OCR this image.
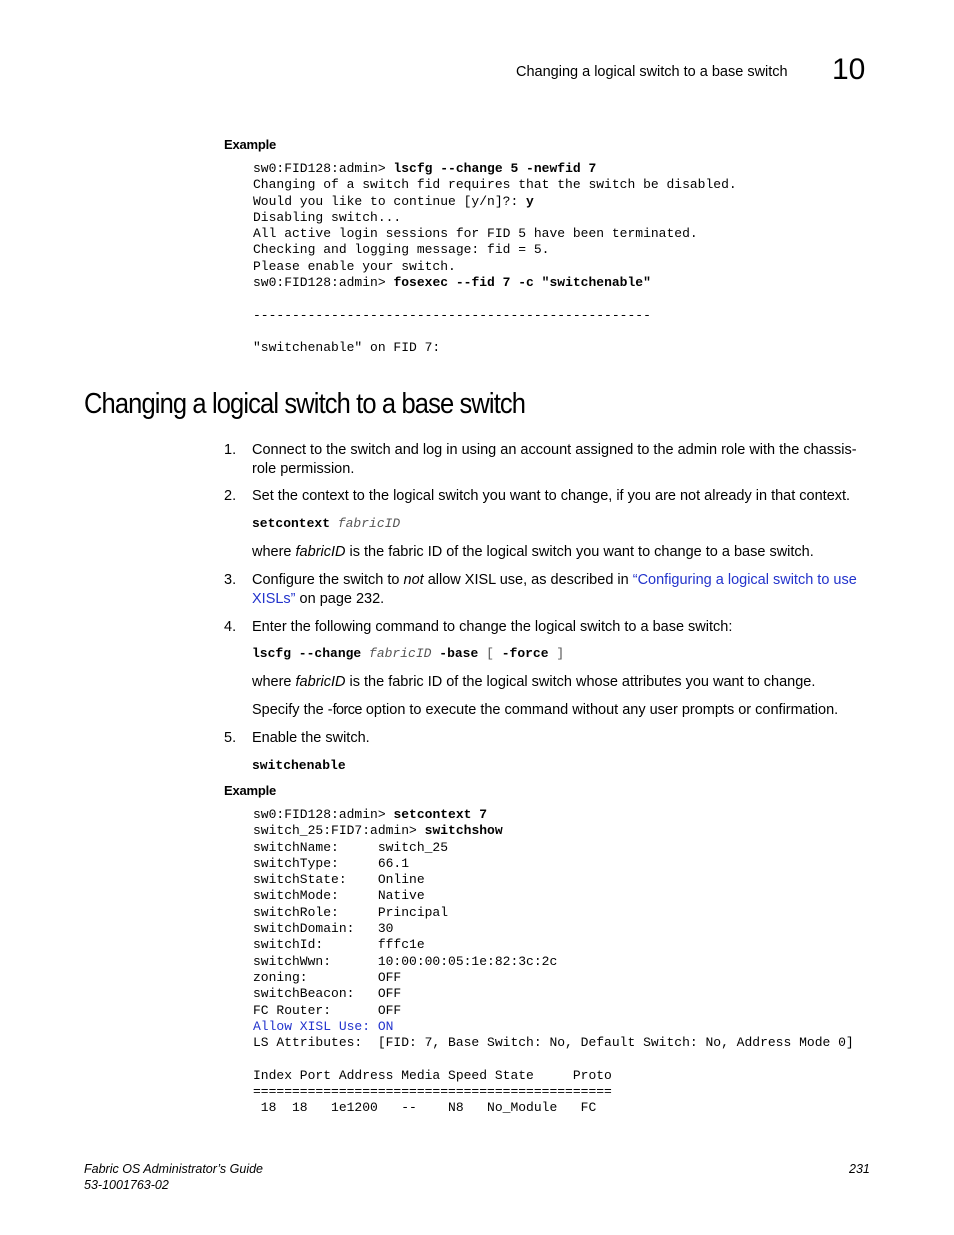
Changing a logical switch to a base switch 10
Example
sw0:FID128:admin> lscfg --change 5 -newfid 7
Changing of a switch fid requires that the switch be disabled.
Would you like to continue [y/n]?: y
Disabling switch...
All active login sessions for FID 5 have been terminated.
Checking and logging message: fid = 5.
Please enable your switch.
sw0:FID128:admin> fosexec --fid 7 -c "switchenable"
---------------------------------------------------
"switchenable" on FID 7:
Changing a logical switch to a base switch
1. Connect to the switch and log in using an account assigned to the admin role with the chassis-role permission.
2. Set the context to the logical switch you want to change, if you are not already in that context.
setcontext fabricID
where fabricID is the fabric ID of the logical switch you want to change to a base switch.
3. Configure the switch to not allow XISL use, as described in “Configuring a logical switch to use XISLs” on page 232.
4. Enter the following command to change the logical switch to a base switch:
lscfg --change fabricID -base [ -force ]
where fabricID is the fabric ID of the logical switch whose attributes you want to change.
Specify the -force option to execute the command without any user prompts or confirmation.
5. Enable the switch.
switchenable
Example
sw0:FID128:admin> setcontext 7
switch_25:FID7:admin> switchshow
switchName:     switch_25
switchType:     66.1
switchState:    Online
switchMode:     Native
switchRole:     Principal
switchDomain:   30
switchId:       fffc1e
switchWwn:      10:00:00:05:1e:82:3c:2c
zoning:         OFF
switchBeacon:   OFF
FC Router:      OFF
Allow XISL Use: ON
LS Attributes:  [FID: 7, Base Switch: No, Default Switch: No, Address Mode 0]
Index Port Address Media Speed State     Proto
==============================================
18  18   1e1200   --    N8   No_Module   FC
Fabric OS Administrator’s Guide
53-1001763-02
231
